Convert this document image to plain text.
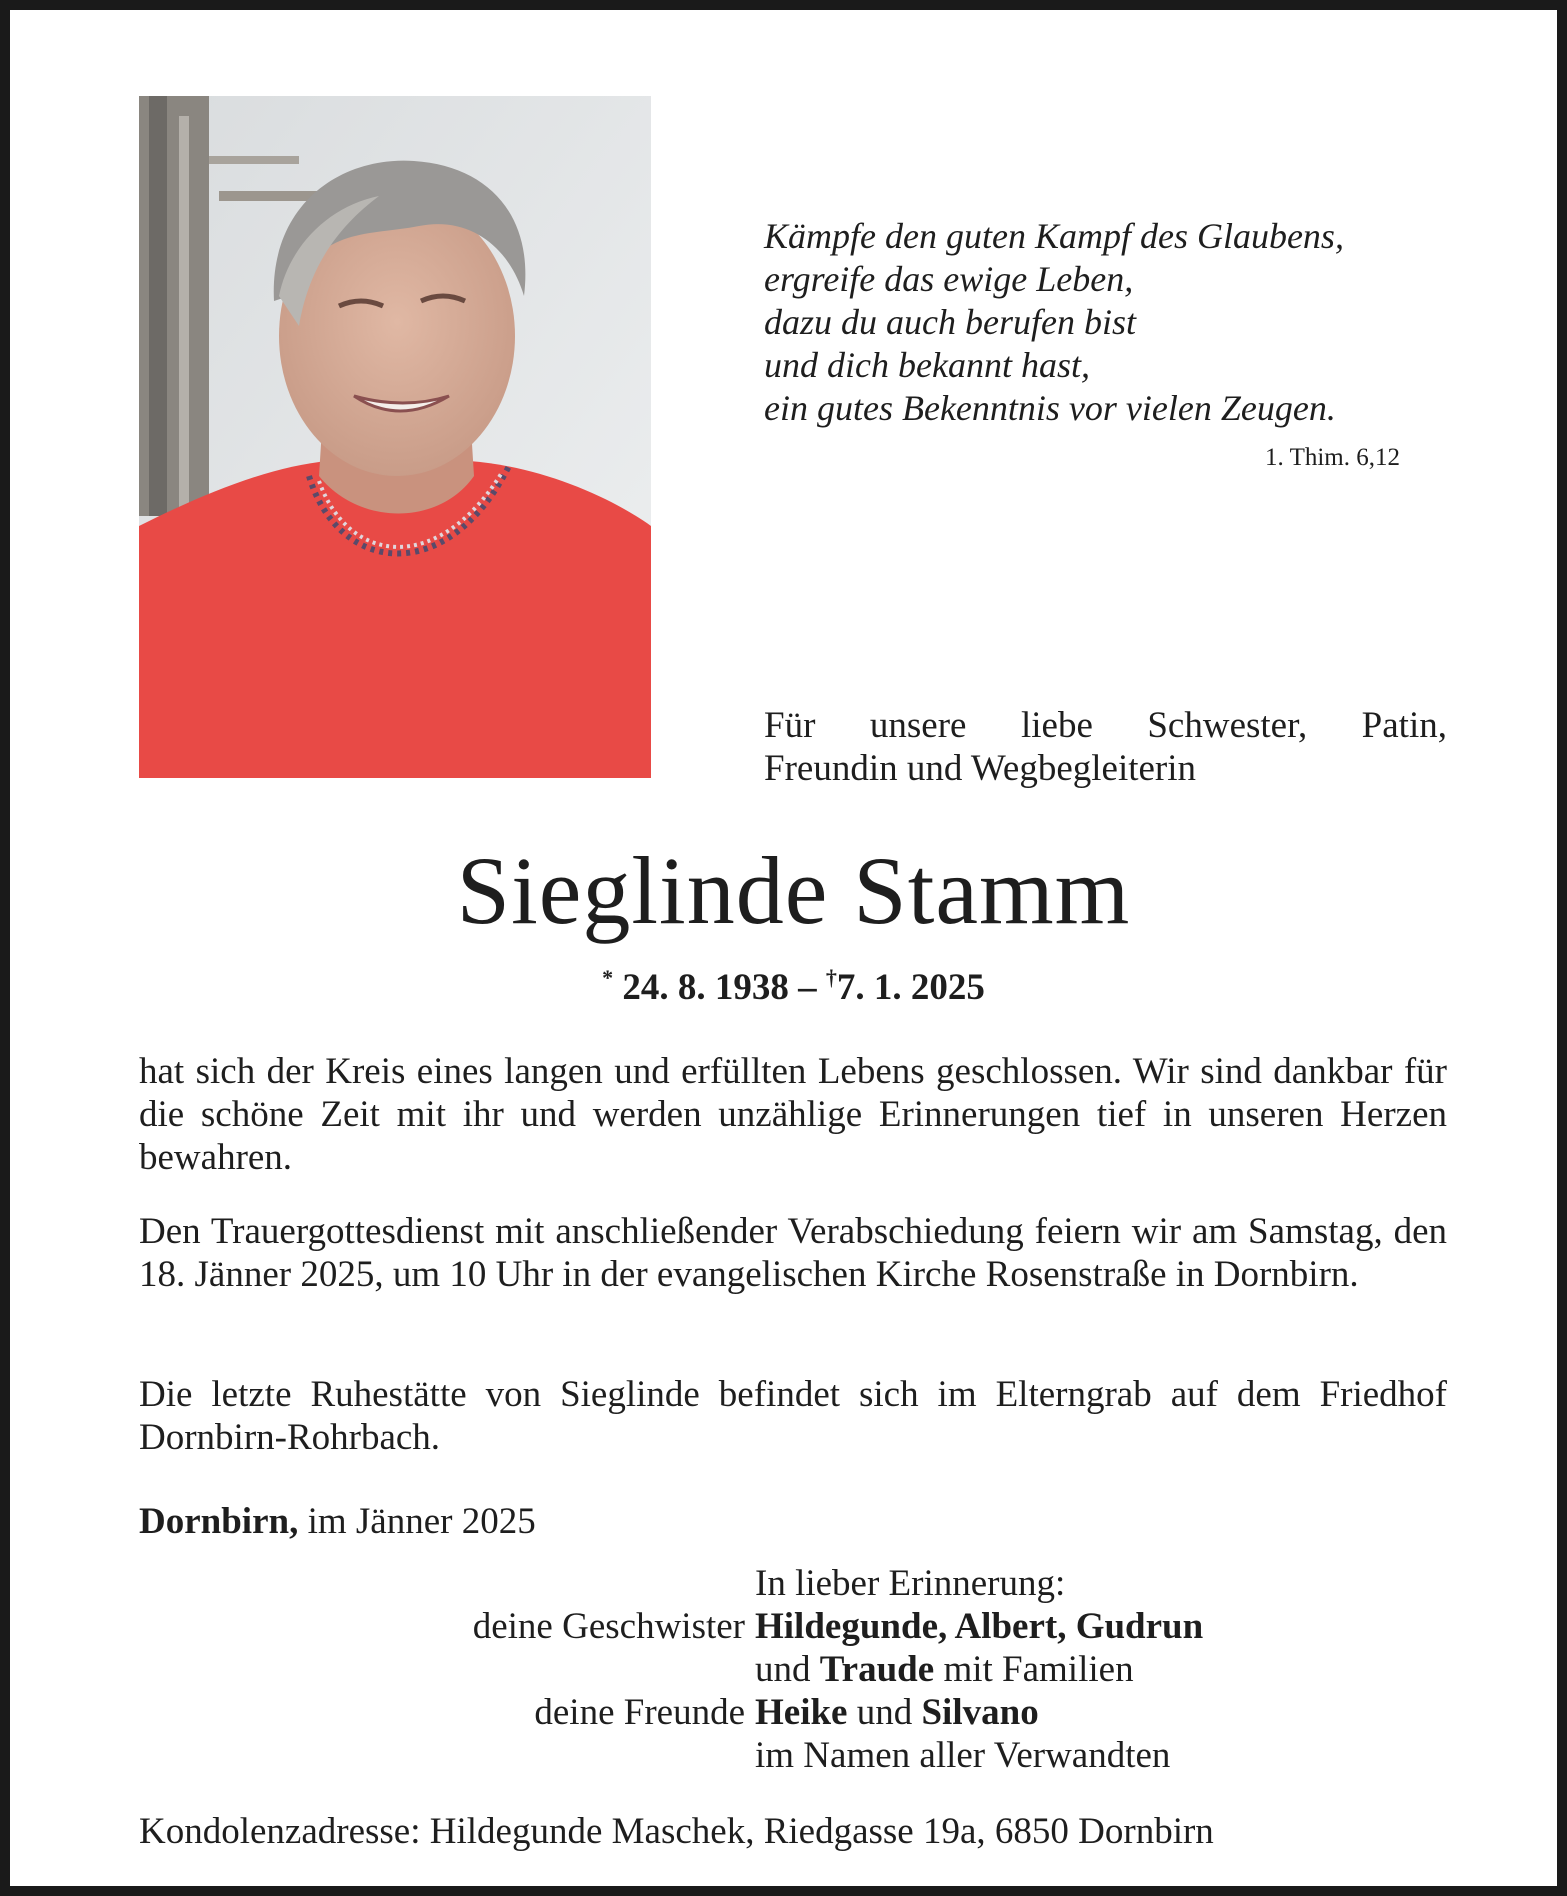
Kämpfe den guten Kampf des Glaubens,
ergreife das ewige Leben,
dazu du auch berufen bist
und dich bekannt hast,
ein gutes Bekenntnis vor vielen Zeugen.
1. Thim. 6,12
Für unsere liebe Schwester, Patin,
Freundin und Wegbegleiterin
Sieglinde Stamm
* 24. 8. 1938 – †7. 1. 2025
hat sich der Kreis eines langen und erfüllten Lebens geschlossen. Wir sind dankbar für die schöne Zeit mit ihr und werden unzählige Erinnerungen tief in unseren Herzen bewahren.
Den Trauergottesdienst mit anschließender Verabschiedung feiern wir am Samstag, den 18. Jänner 2025, um 10 Uhr in der evangelischen Kirche Rosenstraße in Dornbirn.
Die letzte Ruhestätte von Sieglinde befindet sich im Elterngrab auf dem Friedhof Dornbirn-Rohrbach.
Dornbirn, im Jänner 2025
In lieber Erinnerung:
deine Geschwister Hildegunde, Albert, Gudrun
und Traude mit Familien
deine Freunde Heike und Silvano
im Namen aller Verwandten
Kondolenzadresse: Hildegunde Maschek, Riedgasse 19a, 6850 Dornbirn
